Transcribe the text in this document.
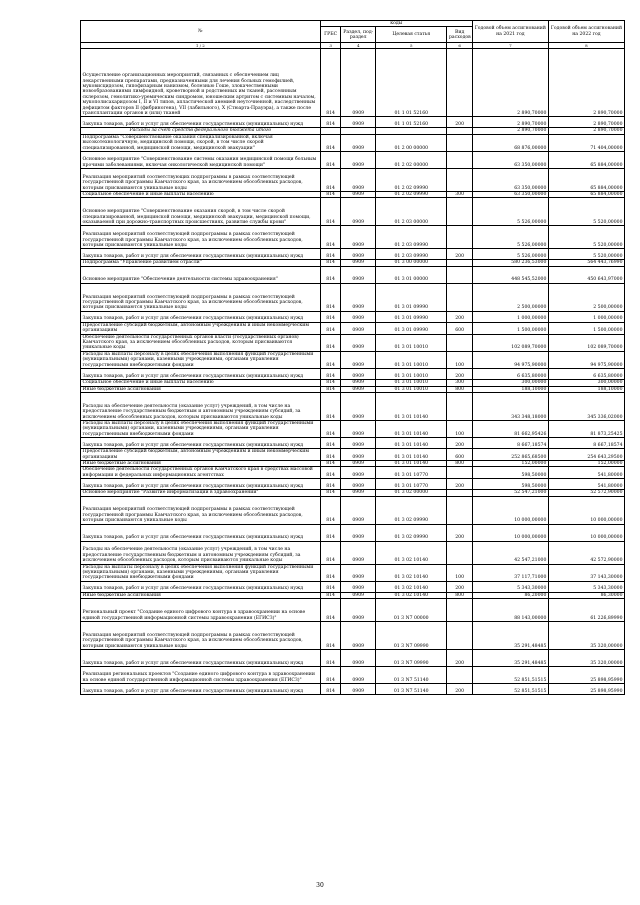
№	коды				Годовой объем ассигнований на 2021 год	Годовой объем ассигнований на 2022 год
	ГРБС	Раздел, под-раздел	Целевая статья	Вид расходов		
1 / 2	3	4	5	6	7	8
Осуществление организационных мероприятий, связанных с обеспечением лиц лекарственными препаратами, предназначенными для лечения больных гемофилией, муковисцидозом, гипофизарным нанизмом, болезнью Гоше, злокачественными новообразованиями лимфоидной, кроветворной и родственных им тканей, рассеянным склерозом, гемолитико-уремическим синдромом, юношеским артритом с системным началом, мукополисахаридозом I, II и VI типов, апластической анемией неуточненной, наследственным дефицитом факторов II (фибриногена), VII (лабильного), X (Стюарта-Прауэра), а также после трансплантации органов и (или) тканей	814	0909	01 1 01 52160		2 890,70000	2 890,70000
Закупка товаров, работ и услуг для обеспечения государственных (муниципальных) нужд	814	0909	01 1 01 52160	200	2 890,70000	2 890,70000
Расходы за счет средств федерального бюджета итого					2 890,70000	2 890,70000
Подпрограмма "Совершенствование оказания специализированной, включая высокотехнологичную, медицинской помощи, скорой, в том числе скорой специализированной, медицинской помощи, медицинской эвакуации"	814	0909	01 2 00 00000		68 876,00000	71 404,00000
Основное мероприятие "Совершенствование системы оказания медицинской помощи больным прочими заболеваниями, включая онкологической медицинской помощи"	814	0909	01 2 02 00000		63 350,00000	65 884,00000
Реализация мероприятий соответствующих подпрограммы в рамках соответствующей государственной программы Камчатского края, за исключением обособленных расходов, которым присваиваются уникальные коды	814	0909	01 2 02 09990		63 350,00000	65 884,00000
Социальное обеспечение и иные выплаты населению	814	0909	01 2 02 09990	300	63 350,00000	65 884,00000
Основное мероприятие "Совершенствование оказания скорой, в том числе скорой специализированной, медицинской помощи, медицинской эвакуации, медицинской помощи, оказываемой при дорожно-транспортных происшествиях, развитие службы крови"	814	0909	01 2 03 00000		5 526,00000	5 520,00000
Реализация мероприятий соответствующей подпрограммы в рамках соответствующей государственной программы Камчатского края, за исключением обособленных расходов, которым присваиваются уникальные коды	814	0909	01 2 03 09990		5 526,00000	5 520,00000
Закупка товаров, работ и услуг для обеспечения государственных (муниципальных) нужд	814	0909	01 2 03 09990	200	5 526,00000	5 520,00000
Подпрограмма "Управление развитием отрасли"	814	0909	01 3 00 00000		580 236,53000	564 443,76990
Основное мероприятие "Обеспечение деятельности системы здравоохранения"	814	0909	01 3 01 00000		448 545,52000	450 643,97000
Реализация мероприятий соответствующей подпрограммы в рамках соответствующей государственной программы Камчатского края, за исключением обособленных расходов, которым присваиваются уникальные коды	814	0909	01 3 01 09990		2 500,00000	2 500,00000
Закупка товаров, работ и услуг для обеспечения государственных (муниципальных) нужд	814	0909	01 3 01 09990	200	1 000,00000	1 000,00000
Предоставление субсидий бюджетным, автономным учреждениям и иным некоммерческим организациям	814	0909	01 3 01 09990	600	1 500,00000	1 500,00000
Обеспечение деятельности государственных органов власти (государственных органов) Камчатского края, за исключением обособленных расходов, которым присваиваются уникальные коды	814	0909	01 3 01 10010		102 089,70000	102 089,70000
Расходы на выплаты персоналу в целях обеспечения выполнения функций государственными (муниципальными) органами, казенными учреждениями, органами управления государственными внебюджетными фондами	814	0909	01 3 01 10010	100	94 975,90000	94 975,90000
Закупка товаров, работ и услуг для обеспечения государственных (муниципальных) нужд	814	0909	01 3 01 10010	200	6 635,80000	6 635,80000
Социальное обеспечение и иные выплаты населению	814	0909	01 3 01 10010	300	300,00000	300,00000
Иные бюджетные ассигнования	814	0909	01 3 01 10010	800	188,10000	188,10000
Расходы на обеспечение деятельности (оказание услуг) учреждений, в том числе на предоставление государственным бюджетным и автономным учреждениям субсидий, за исключением обособленных расходов, которым присваиваются уникальные коды	814	0909	01 3 01 10140		343 348,18000	345 336,02000
Расходы на выплаты персоналу в целях обеспечения выполнения функций государственными (муниципальными) органами, казенными учреждениями, органами управления государственными внебюджетными фондами	814	0909	01 3 01 10140	100	81 662,95426	81 873,25425
Закупка товаров, работ и услуг для обеспечения государственных (муниципальных) нужд	814	0909	01 3 01 10140	200	8 667,18574	8 667,18574
Предоставление субсидий бюджетным, автономным учреждениям и иным некоммерческим организациям	814	0909	01 3 01 10140	600	252 865,68500	254 643,29500
Иные бюджетные ассигнования	814	0909	01 3 01 10140	800	152,00000	152,00000
Обеспечение деятельности государственных органов Камчатского края в средствах массовой информации и федеральных информационных агентствах	814	0909	01 3 01 10770		598,50000	541,80000
Закупка товаров, работ и услуг для обеспечения государственных (муниципальных) нужд	814	0909	01 3 01 10770	200	598,50000	541,80000
Основное мероприятие "Развитие информатизации в здравоохранении"	814	0909	01 3 02 00000		52 547,21000	52 572,90000
Реализация мероприятий соответствующей подпрограммы в рамках соответствующей государственной программы Камчатского края, за исключением обособленных расходов, которым присваиваются уникальные коды	814	0909	01 3 02 09990		10 000,00000	10 000,00000
Закупка товаров, работ и услуг для обеспечения государственных (муниципальных) нужд	814	0909	01 3 02 09990	200	10 000,00000	10 000,00000
Расходы на обеспечение деятельности (оказание услуг) учреждений, в том числе на предоставление государственным бюджетным и автономным учреждениям субсидий, за исключением обособленных расходов, которым присваиваются уникальные коды	814	0909	01 3 02 10140		42 547,21000	42 572,90000
Расходы на выплаты персоналу в целях обеспечения выполнения функций государственными (муниципальными) органами, казенными учреждениями, органами управления государственными внебюджетными фондами	814	0909	01 3 02 10140	100	37 117,71000	37 143,30000
Закупка товаров, работ и услуг для обеспечения государственных (муниципальных) нужд	814	0909	01 3 02 10140	200	5 343,30000	5 343,30000
Иные бюджетные ассигнования	814	0909	01 3 02 10140	800	86,20000	86,30000
Региональный проект "Создание единого цифрового контура в здравоохранении на основе единой государственной информационной системы здравоохранения (ЕГИСЗ)"	814	0909	01 3 N7 00000		88 143,00000	61 226,89990
Реализация мероприятий соответствующей подпрограммы в рамках соответствующей государственной программы Камчатского края, за исключением обособленных расходов, которым присваиваются уникальные коды	814	0909	01 3 N7 09990		35 291,48485	35 320,00000
Закупка товаров, работ и услуг для обеспечения государственных (муниципальных) нужд	814	0909	01 3 N7 09990	200	35 291,48485	35 320,00000
Реализация региональных проектов "Создание единого цифрового контура в здравоохранении на основе единой государственной информационной системы здравоохранения (ЕГИСЗ)"	814	0909	01 3 N7 51140		52 851,51515	25 898,95990
Закупка товаров, работ и услуг для обеспечения государственных (муниципальных) нужд	814	0909	01 3 N7 51140	200	52 851,51515	25 898,95990
30
